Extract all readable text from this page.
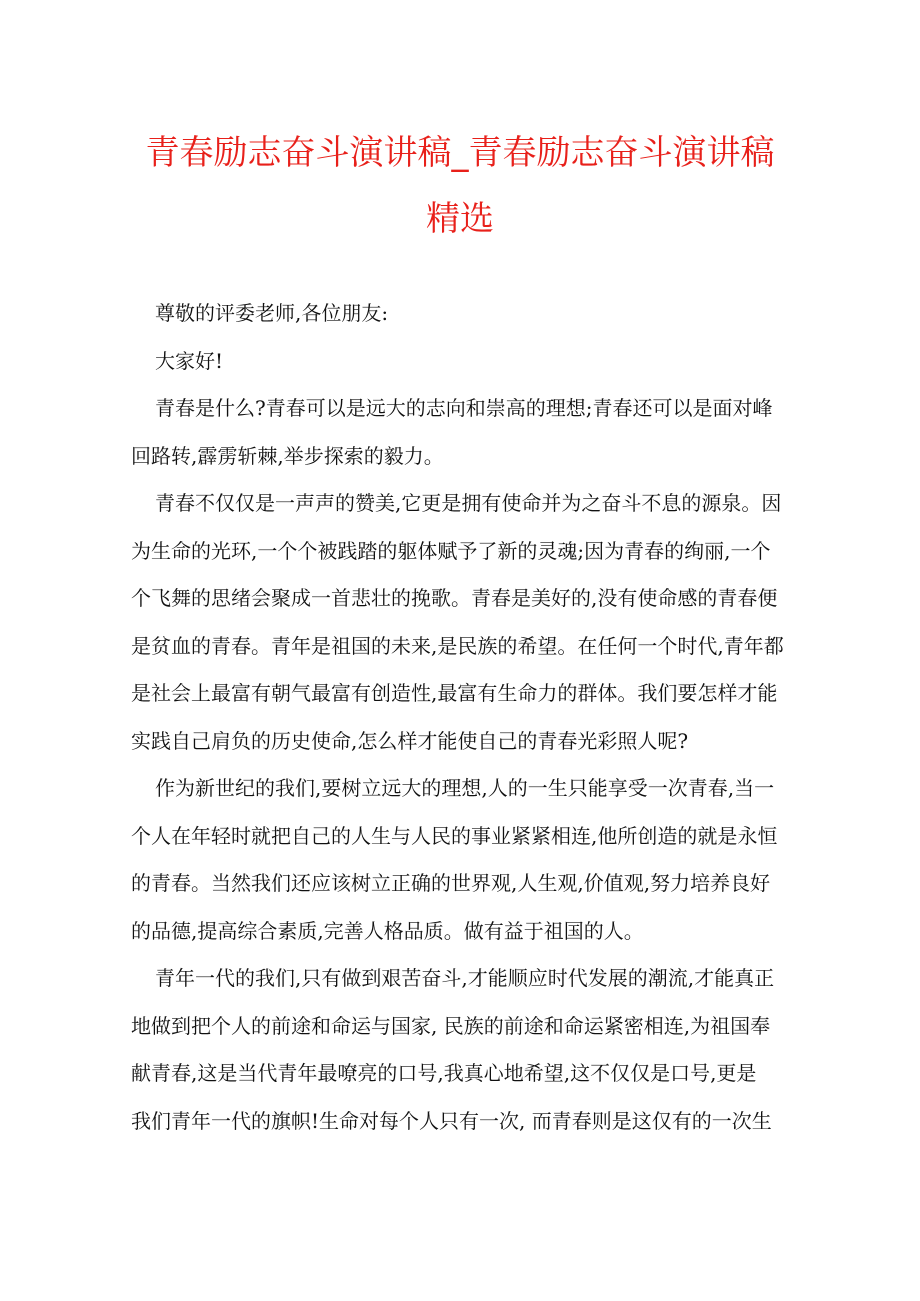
青春励志奋斗演讲稿_青春励志奋斗演讲稿
精选

尊敬的评委老师,各位朋友:

大家好!

青春是什么?青春可以是远大的志向和崇高的理想;青春还可以是面对峰
回路转,霹雳斩棘,举步探索的毅力。

青春不仅仅是一声声的赞美,它更是拥有使命并为之奋斗不息的源泉。因
为生命的光环,一个个被践踏的躯体赋予了新的灵魂;因为青春的绚丽,一个
个飞舞的思绪会聚成一首悲壮的挽歌。青春是美好的,没有使命感的青春便
是贫血的青春。青年是祖国的未来,是民族的希望。在任何一个时代,青年都
是社会上最富有朝气最富有创造性,最富有生命力的群体。我们要怎样才能
实践自己肩负的历史使命,怎么样才能使自己的青春光彩照人呢?

作为新世纪的我们,要树立远大的理想,人的一生只能享受一次青春,当一
个人在年轻时就把自己的人生与人民的事业紧紧相连,他所创造的就是永恒
的青春。当然我们还应该树立正确的世界观,人生观,价值观,努力培养良好
的品德,提高综合素质,完善人格品质。做有益于祖国的人。

青年一代的我们,只有做到艰苦奋斗,才能顺应时代发展的潮流,才能真正
地做到把个人的前途和命运与国家, 民族的前途和命运紧密相连,为祖国奉
献青春,这是当代青年最嘹亮的口号,我真心地希望,这不仅仅是口号,更是
我们青年一代的旗帜!生命对每个人只有一次, 而青春则是这仅有的一次生
